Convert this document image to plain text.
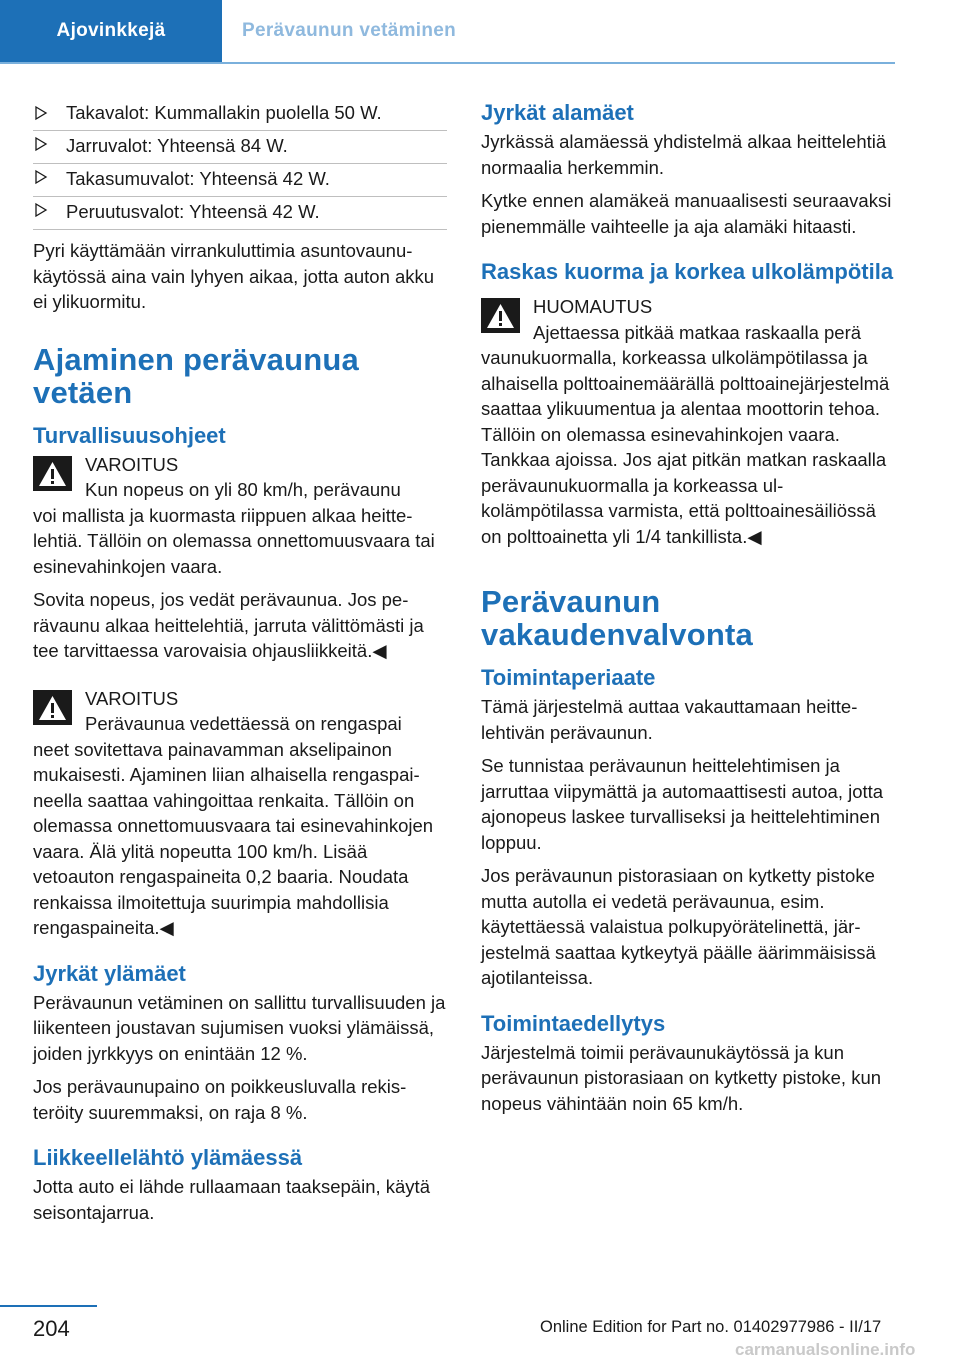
Ajovinkkejä	Perävaunun vetäminen
Takavalot: Kummallakin puolella 50 W.
Jarruvalot: Yhteensä 84 W.
Takasumuvalot: Yhteensä 42 W.
Peruutusvalot: Yhteensä 42 W.

Pyri käyttämään virrankuluttimia asuntovaunukäytössä aina vain lyhyen aikaa, jotta auton akku ei ylikuormitu.

Ajaminen perävaunua vetäen
Turvallisuusohjeet

VAROITUS

Kun nopeus on yli 80 km/h, perävaunu

voi mallista ja kuormasta riippuen alkaa heittelehtiä. Tällöin on olemassa onnettomuusvaara tai esinevahinkojen vaara.

Sovita nopeus, jos vedät perävaunua. Jos perävaunu alkaa heittelehtiä, jarruta välittömästi ja tee tarvittaessa varovaisia ohjausliikkeitä.◀

VAROITUS

Perävaunua vedettäessä on rengaspai

neet sovitettava painavamman akselipainon mukaisesti. Ajaminen liian alhaisella rengaspaineella saattaa vahingoittaa renkaita. Tällöin on olemassa onnettomuusvaara tai esinevahinkojen vaara. Älä ylitä nopeutta 100 km/h. Lisää vetoauton rengaspaineita 0,2 baaria. Noudata renkaissa ilmoitettuja suurimpia mahdollisia rengaspaineita.◀

Jyrkät ylämäet

Perävaunun vetäminen on sallittu turvallisuuden ja liikenteen joustavan sujumisen vuoksi ylämäissä, joiden jyrkkyys on enintään 12 %.

Jos perävaunupaino on poikkeusluvalla rekisteröity suuremmaksi, on raja 8 %.

Liikkeellelähtö ylämäessä

Jotta auto ei lähde rullaamaan taaksepäin, käytä seisontajarrua.

Jyrkät alamäet

Jyrkässä alamäessä yhdistelmä alkaa heittelehtiä normaalia herkemmin.

Kytke ennen alamäkeä manuaalisesti seuraavaksi pienemmälle vaihteelle ja aja alamäki hitaasti.

Raskas kuorma ja korkea ulkolämpötila

HUOMAUTUS

Ajettaessa pitkää matkaa raskaalla perä

vaunukuormalla, korkeassa ulkolämpötilassa ja alhaisella polttoainemäärällä polttoainejärjestelmä saattaa ylikuumentua ja alentaa moottorin tehoa. Tällöin on olemassa esinevahinkojen vaara. Tankkaa ajoissa. Jos ajat pitkän matkan raskaalla perävaunukuormalla ja korkeassa ulkolämpötilassa varmista, että polttoainesäiliössä on polttoainetta yli 1/4 tankillista.◀

Perävaunun vakaudenvalvonta
Toimintaperiaate

Tämä järjestelmä auttaa vakauttamaan heittelehtivän perävaunun.

Se tunnistaa perävaunun heittelehtimisen ja jarruttaa viipymättä ja automaattisesti autoa, jotta ajonopeus laskee turvalliseksi ja heittelehtiminen loppuu.

Jos perävaunun pistorasiaan on kytketty pistoke mutta autolla ei vedetä perävaunua, esim. käytettäessä valaistua polkupyörätelinettä, järjestelmä saattaa kytkeytyä päälle äärimmäisissä ajotilanteissa.

Toimintaedellytys

Järjestelmä toimii perävaunukäytössä ja kun perävaunun pistorasiaan on kytketty pistoke, kun nopeus vähintään noin 65 km/h.

204	Online Edition for Part no. 01402977986 - II/17
carmanualsonline.info
